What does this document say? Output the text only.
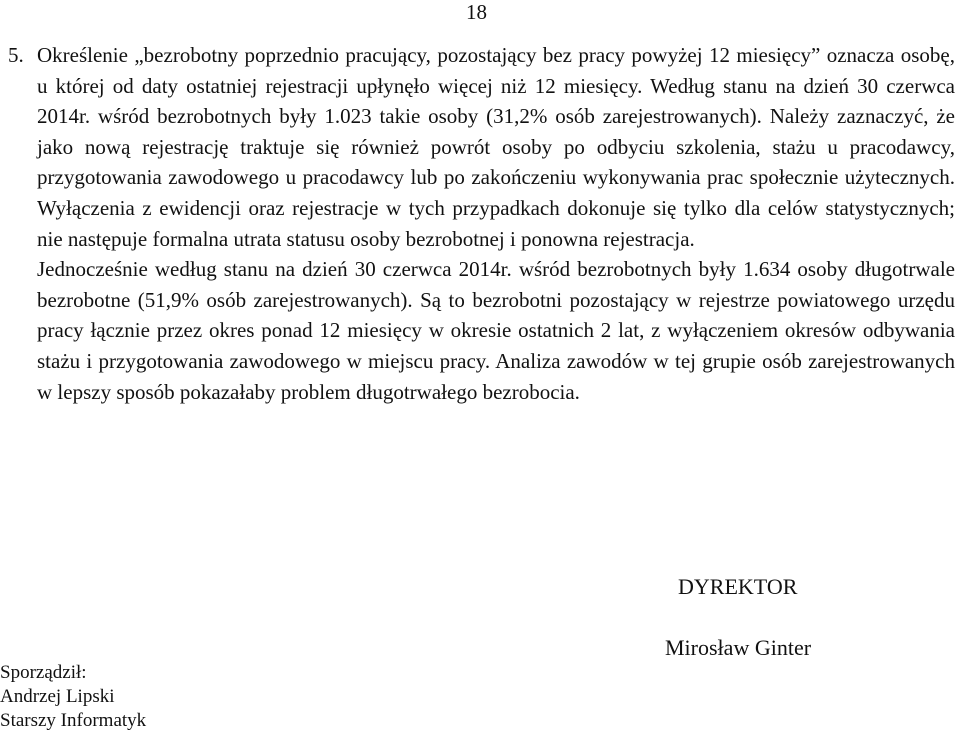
18

5. Określenie „bezrobotny poprzednio pracujący, pozostający bez pracy powyżej 12 miesięcy” oznacza osobę, u której od daty ostatniej rejestracji upłynęło więcej niż 12 miesięcy. Według stanu na dzień 30 czerwca 2014r. wśród bezrobotnych były 1.023 takie osoby (31,2% osób zarejestrowanych). Należy zaznaczyć, że jako nową rejestrację traktuje się również powrót osoby po odbyciu szkolenia, stażu u pracodawcy, przygotowania zawodowego u pracodawcy lub po zakończeniu wykonywania prac społecznie użytecznych. Wyłączenia z ewidencji oraz rejestracje w tych przypadkach dokonuje się tylko dla celów statystycznych; nie następuje formalna utrata statusu osoby bezrobotnej i ponowna rejestracja.

Jednocześnie według stanu na dzień 30 czerwca 2014r. wśród bezrobotnych były 1.634 osoby długotrwale bezrobotne (51,9% osób zarejestrowanych). Są to bezrobotni pozostający w rejestrze powiatowego urzędu pracy łącznie przez okres ponad 12 miesięcy w okresie ostatnich 2 lat, z wyłączeniem okresów odbywania stażu i przygotowania zawodowego w miejscu pracy. Analiza zawodów w tej grupie osób zarejestrowanych w lepszy sposób pokazałaby problem długotrwałego bezrobocia.

DYREKTOR
Mirosław Ginter
Sporządził:
Andrzej Lipski
Starszy Informatyk
